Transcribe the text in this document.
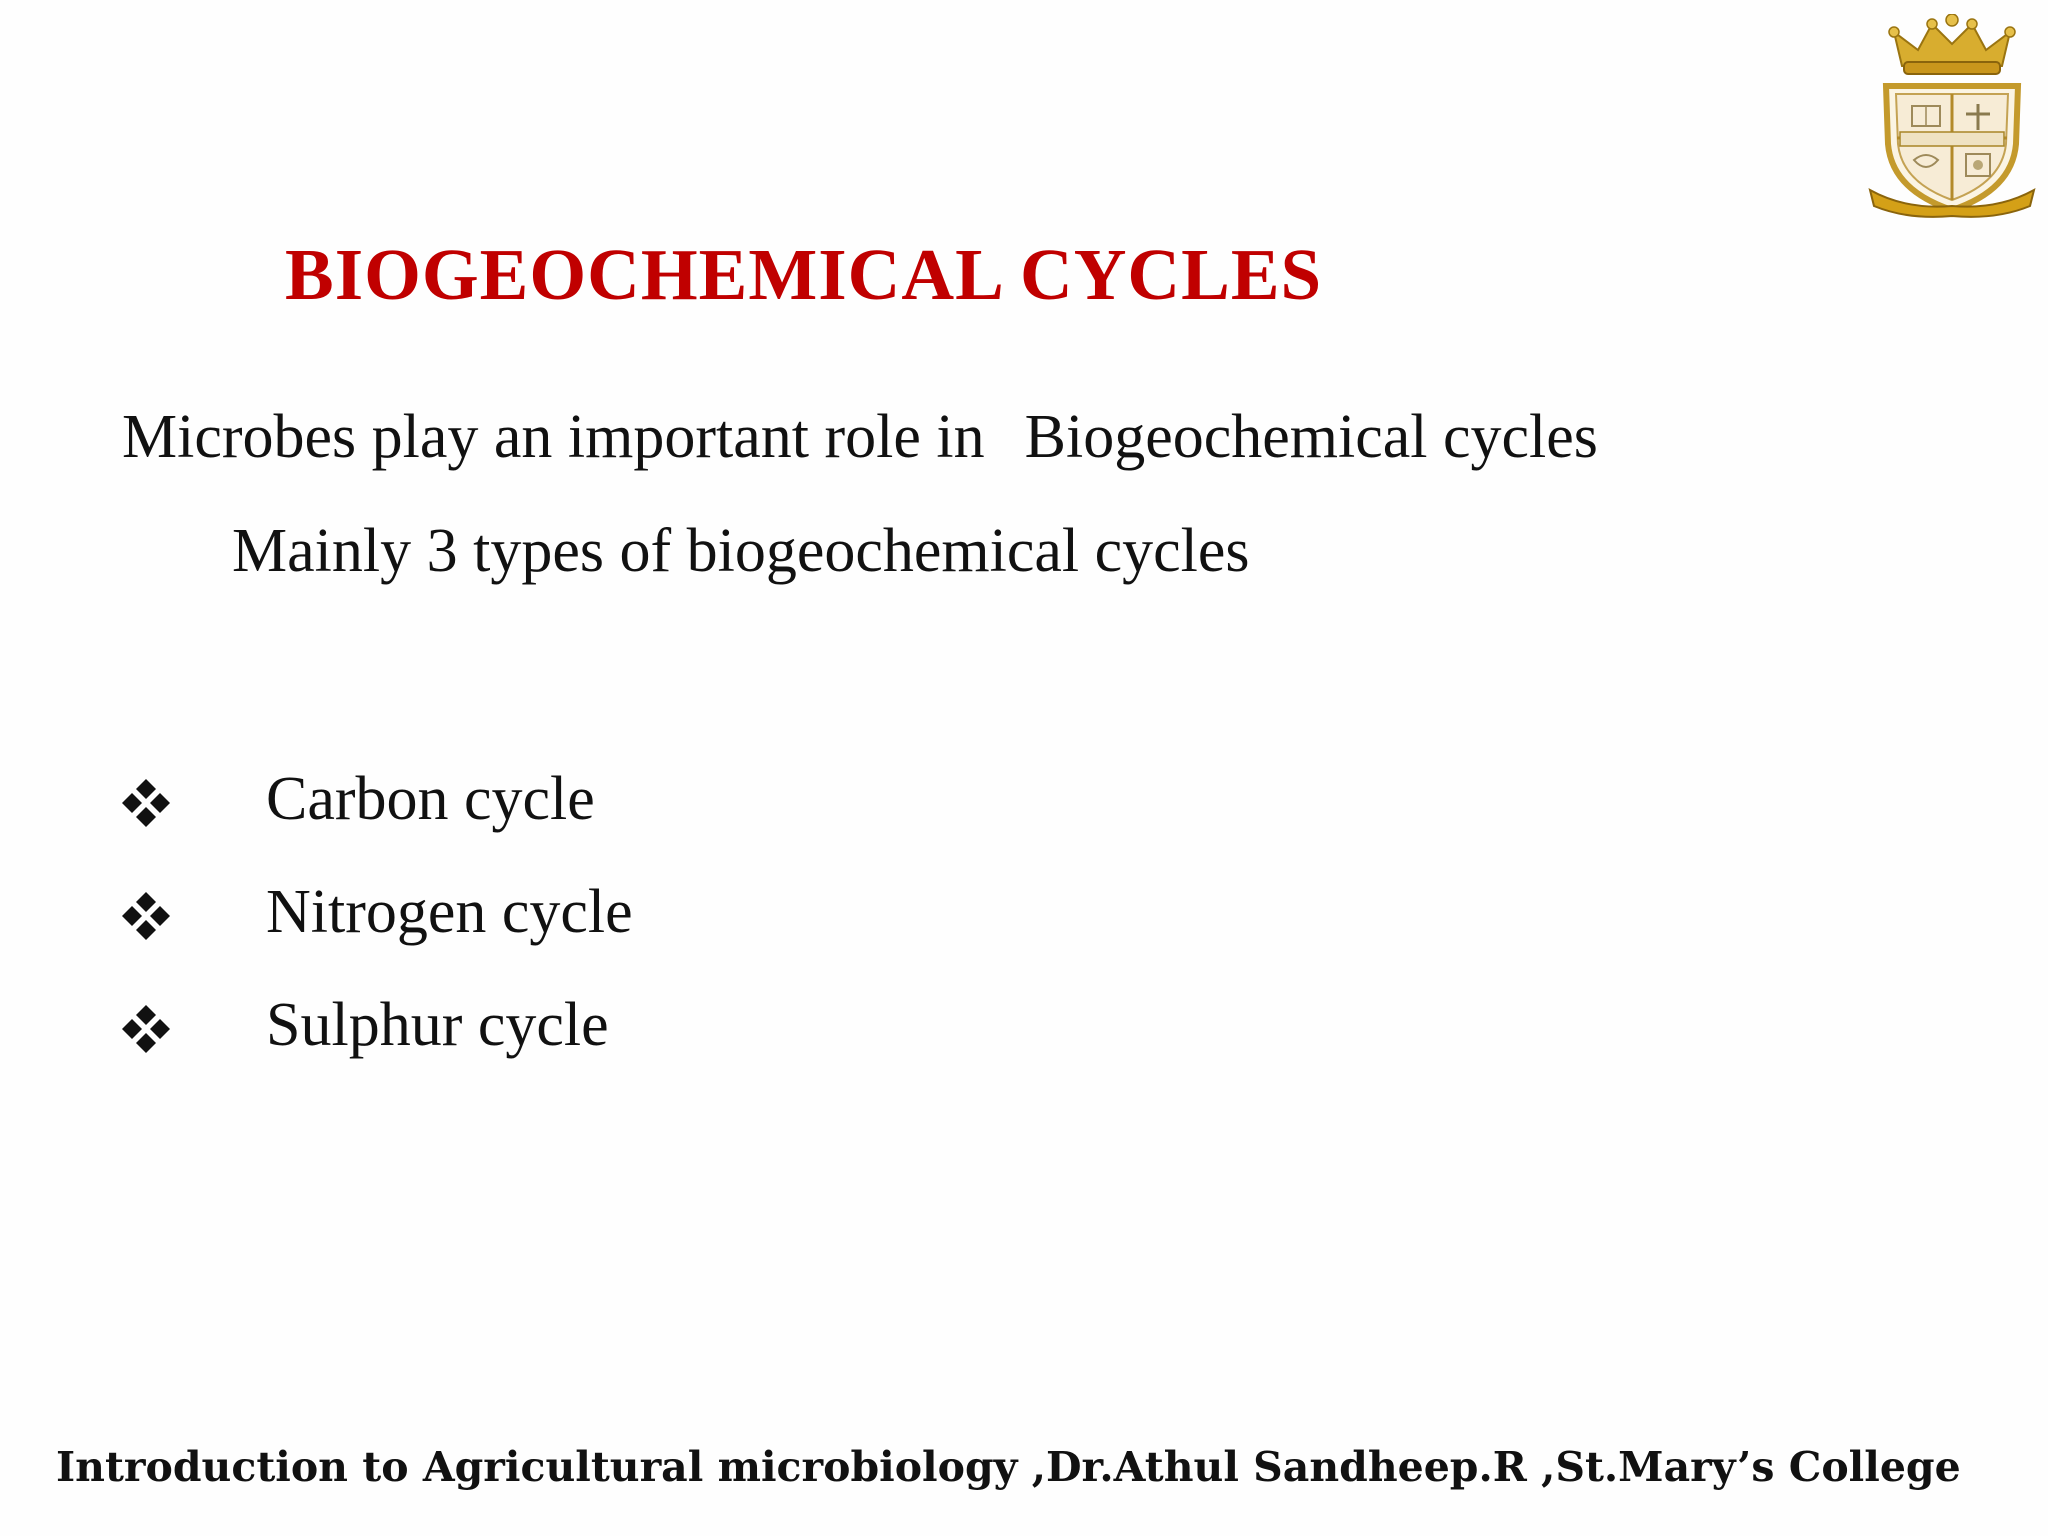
BIOGEOCHEMICAL CYCLES
Microbes play an important role in Biogeochemical cycles
Mainly 3 types of biogeochemical cycles
Carbon cycle
Nitrogen cycle
Sulphur cycle
Introduction to Agricultural microbiology ,Dr.Athul Sandheep.R ,St.Mary’s College
